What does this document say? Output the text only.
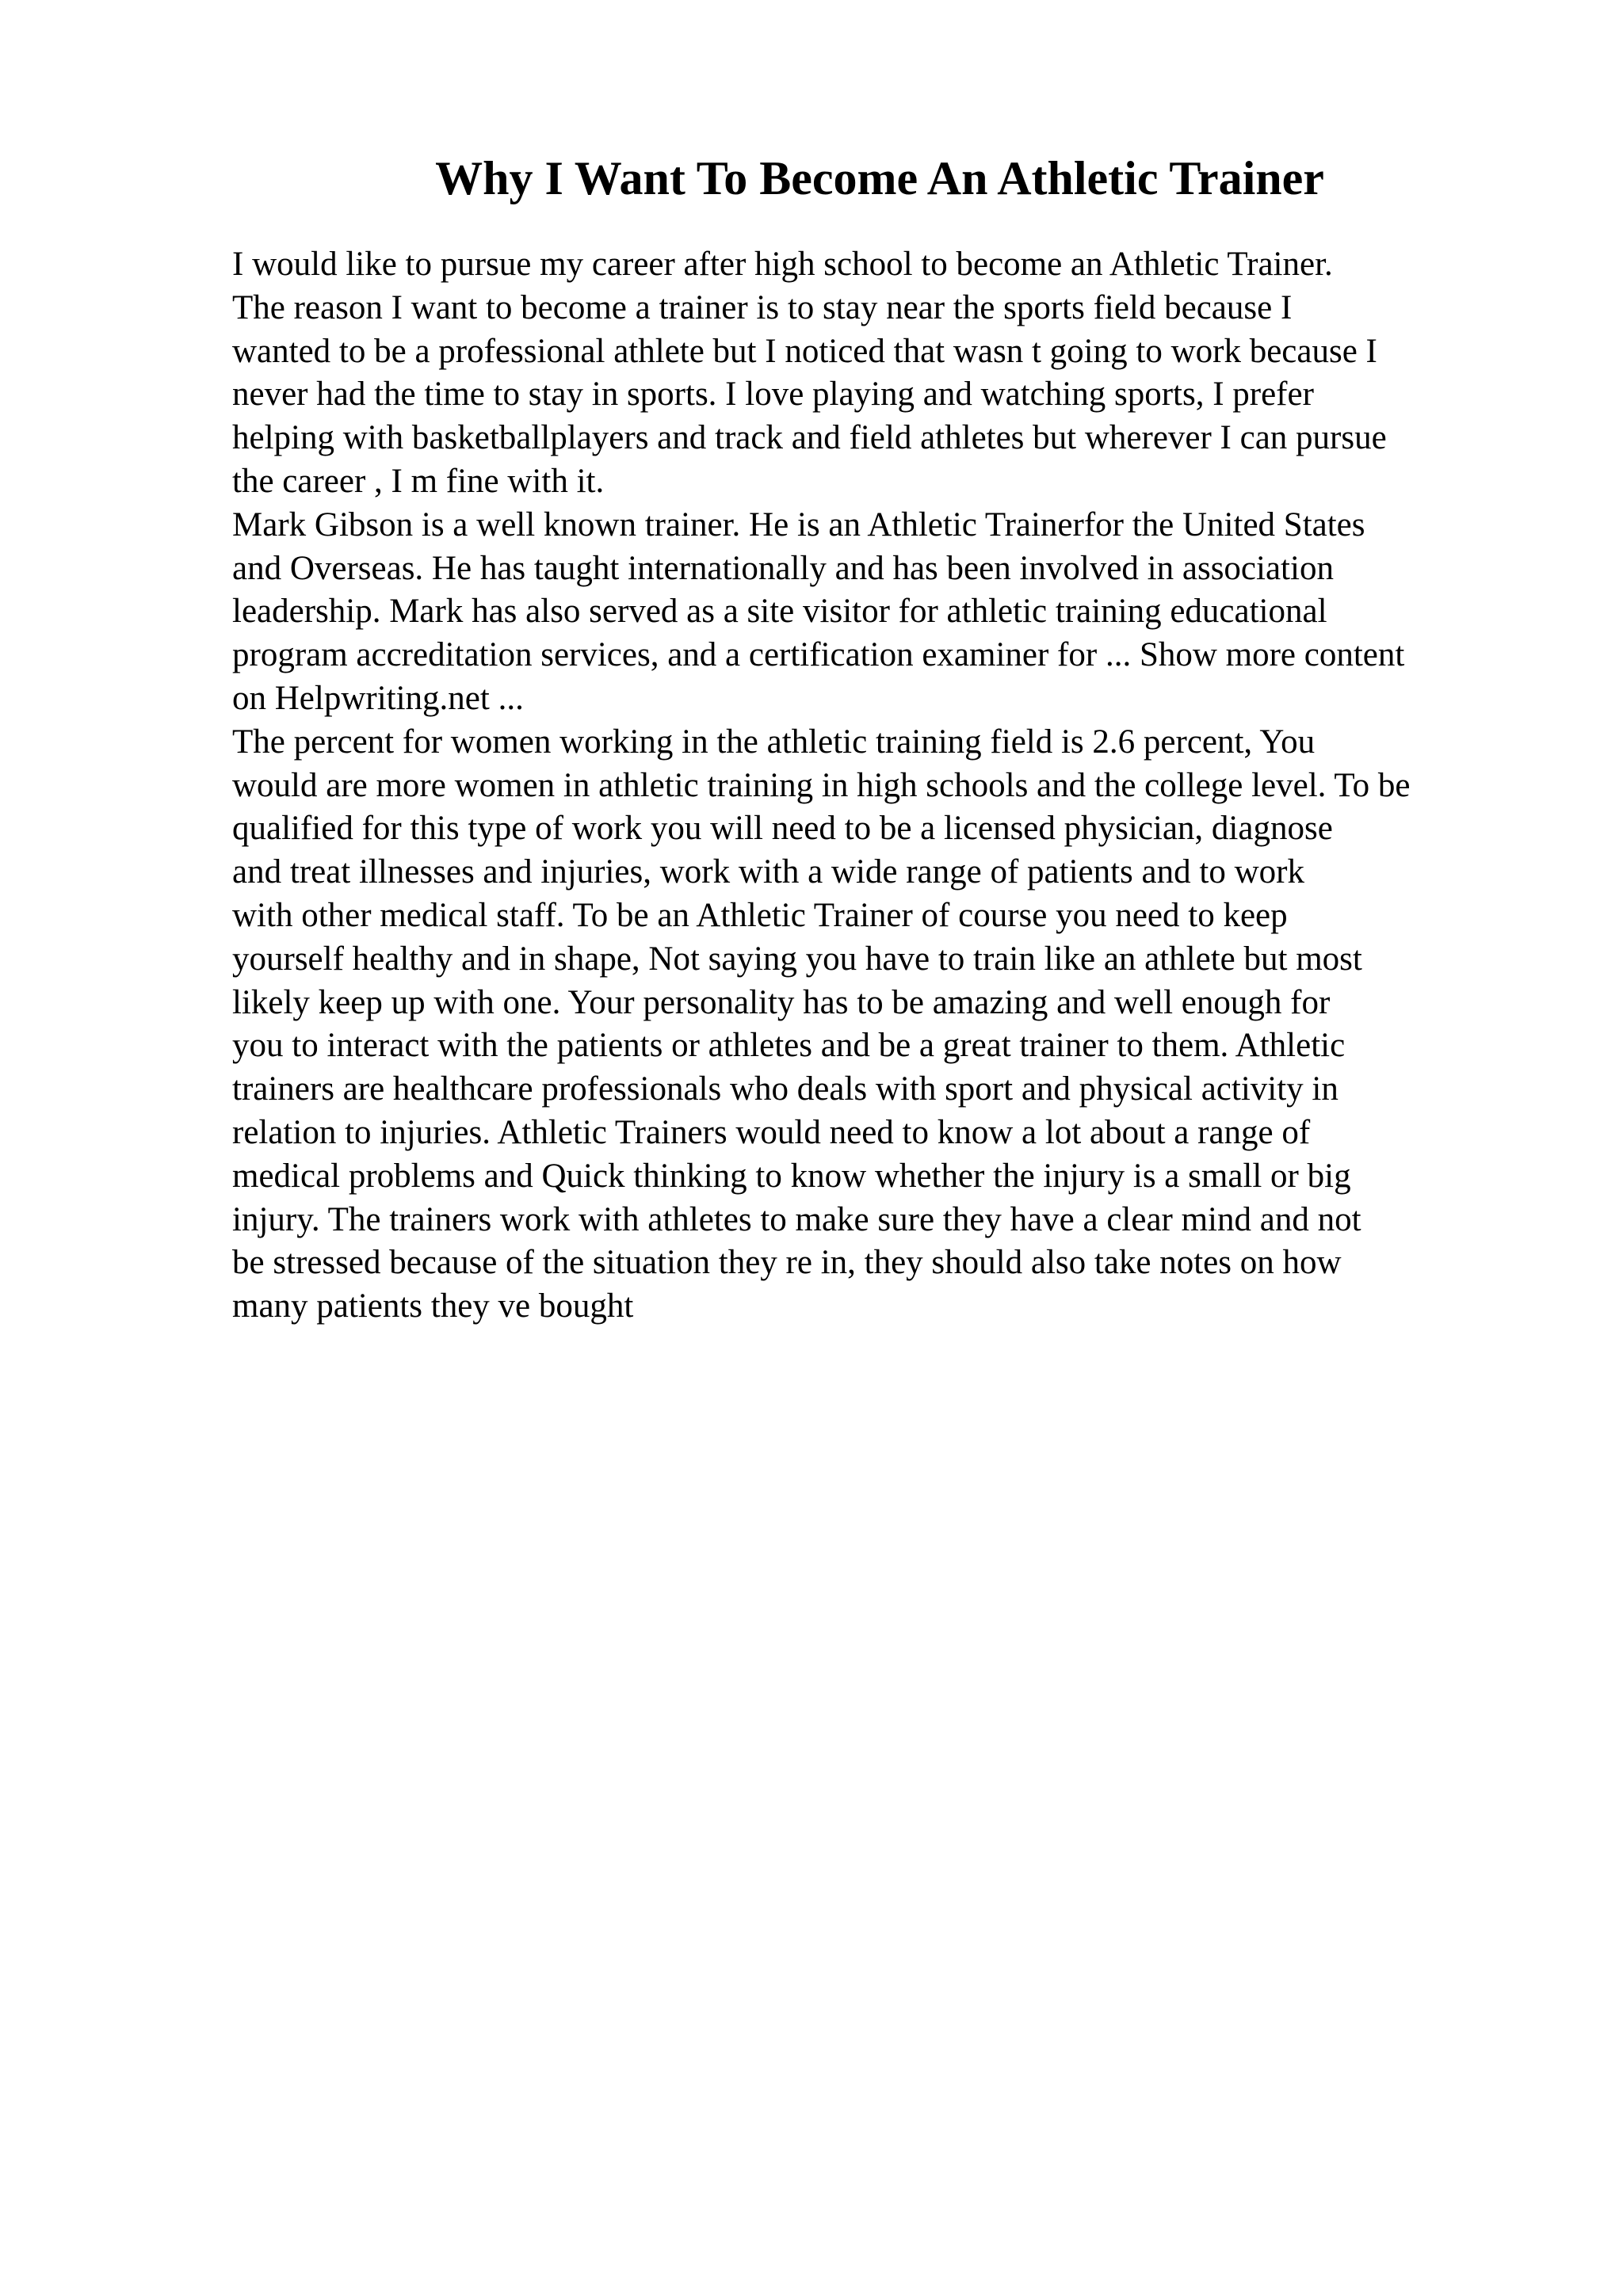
Why I Want To Become An Athletic Trainer

I would like to pursue my career after high school to become an Athletic Trainer.
The reason I want to become a trainer is to stay near the sports field because I
wanted to be a professional athlete but I noticed that wasn t going to work because I
never had the time to stay in sports. I love playing and watching sports, I prefer
helping with basketballplayers and track and field athletes but wherever I can pursue
the career , I m fine with it.

Mark Gibson is a well known trainer. He is an Athletic Trainerfor the United States
and Overseas. He has taught internationally and has been involved in association
leadership. Mark has also served as a site visitor for athletic training educational
program accreditation services, and a certification examiner for ... Show more content
on Helpwriting.net ...

The percent for women working in the athletic training field is 2.6 percent, You
would are more women in athletic training in high schools and the college level. To be
qualified for this type of work you will need to be a licensed physician, diagnose
and treat illnesses and injuries, work with a wide range of patients and to work
with other medical staff. To be an Athletic Trainer of course you need to keep
yourself healthy and in shape, Not saying you have to train like an athlete but most
likely keep up with one. Your personality has to be amazing and well enough for
you to interact with the patients or athletes and be a great trainer to them. Athletic
trainers are healthcare professionals who deals with sport and physical activity in
relation to injuries. Athletic Trainers would need to know a lot about a range of
medical problems and Quick thinking to know whether the injury is a small or big
injury. The trainers work with athletes to make sure they have a clear mind and not
be stressed because of the situation they re in, they should also take notes on how
many patients they ve bought
